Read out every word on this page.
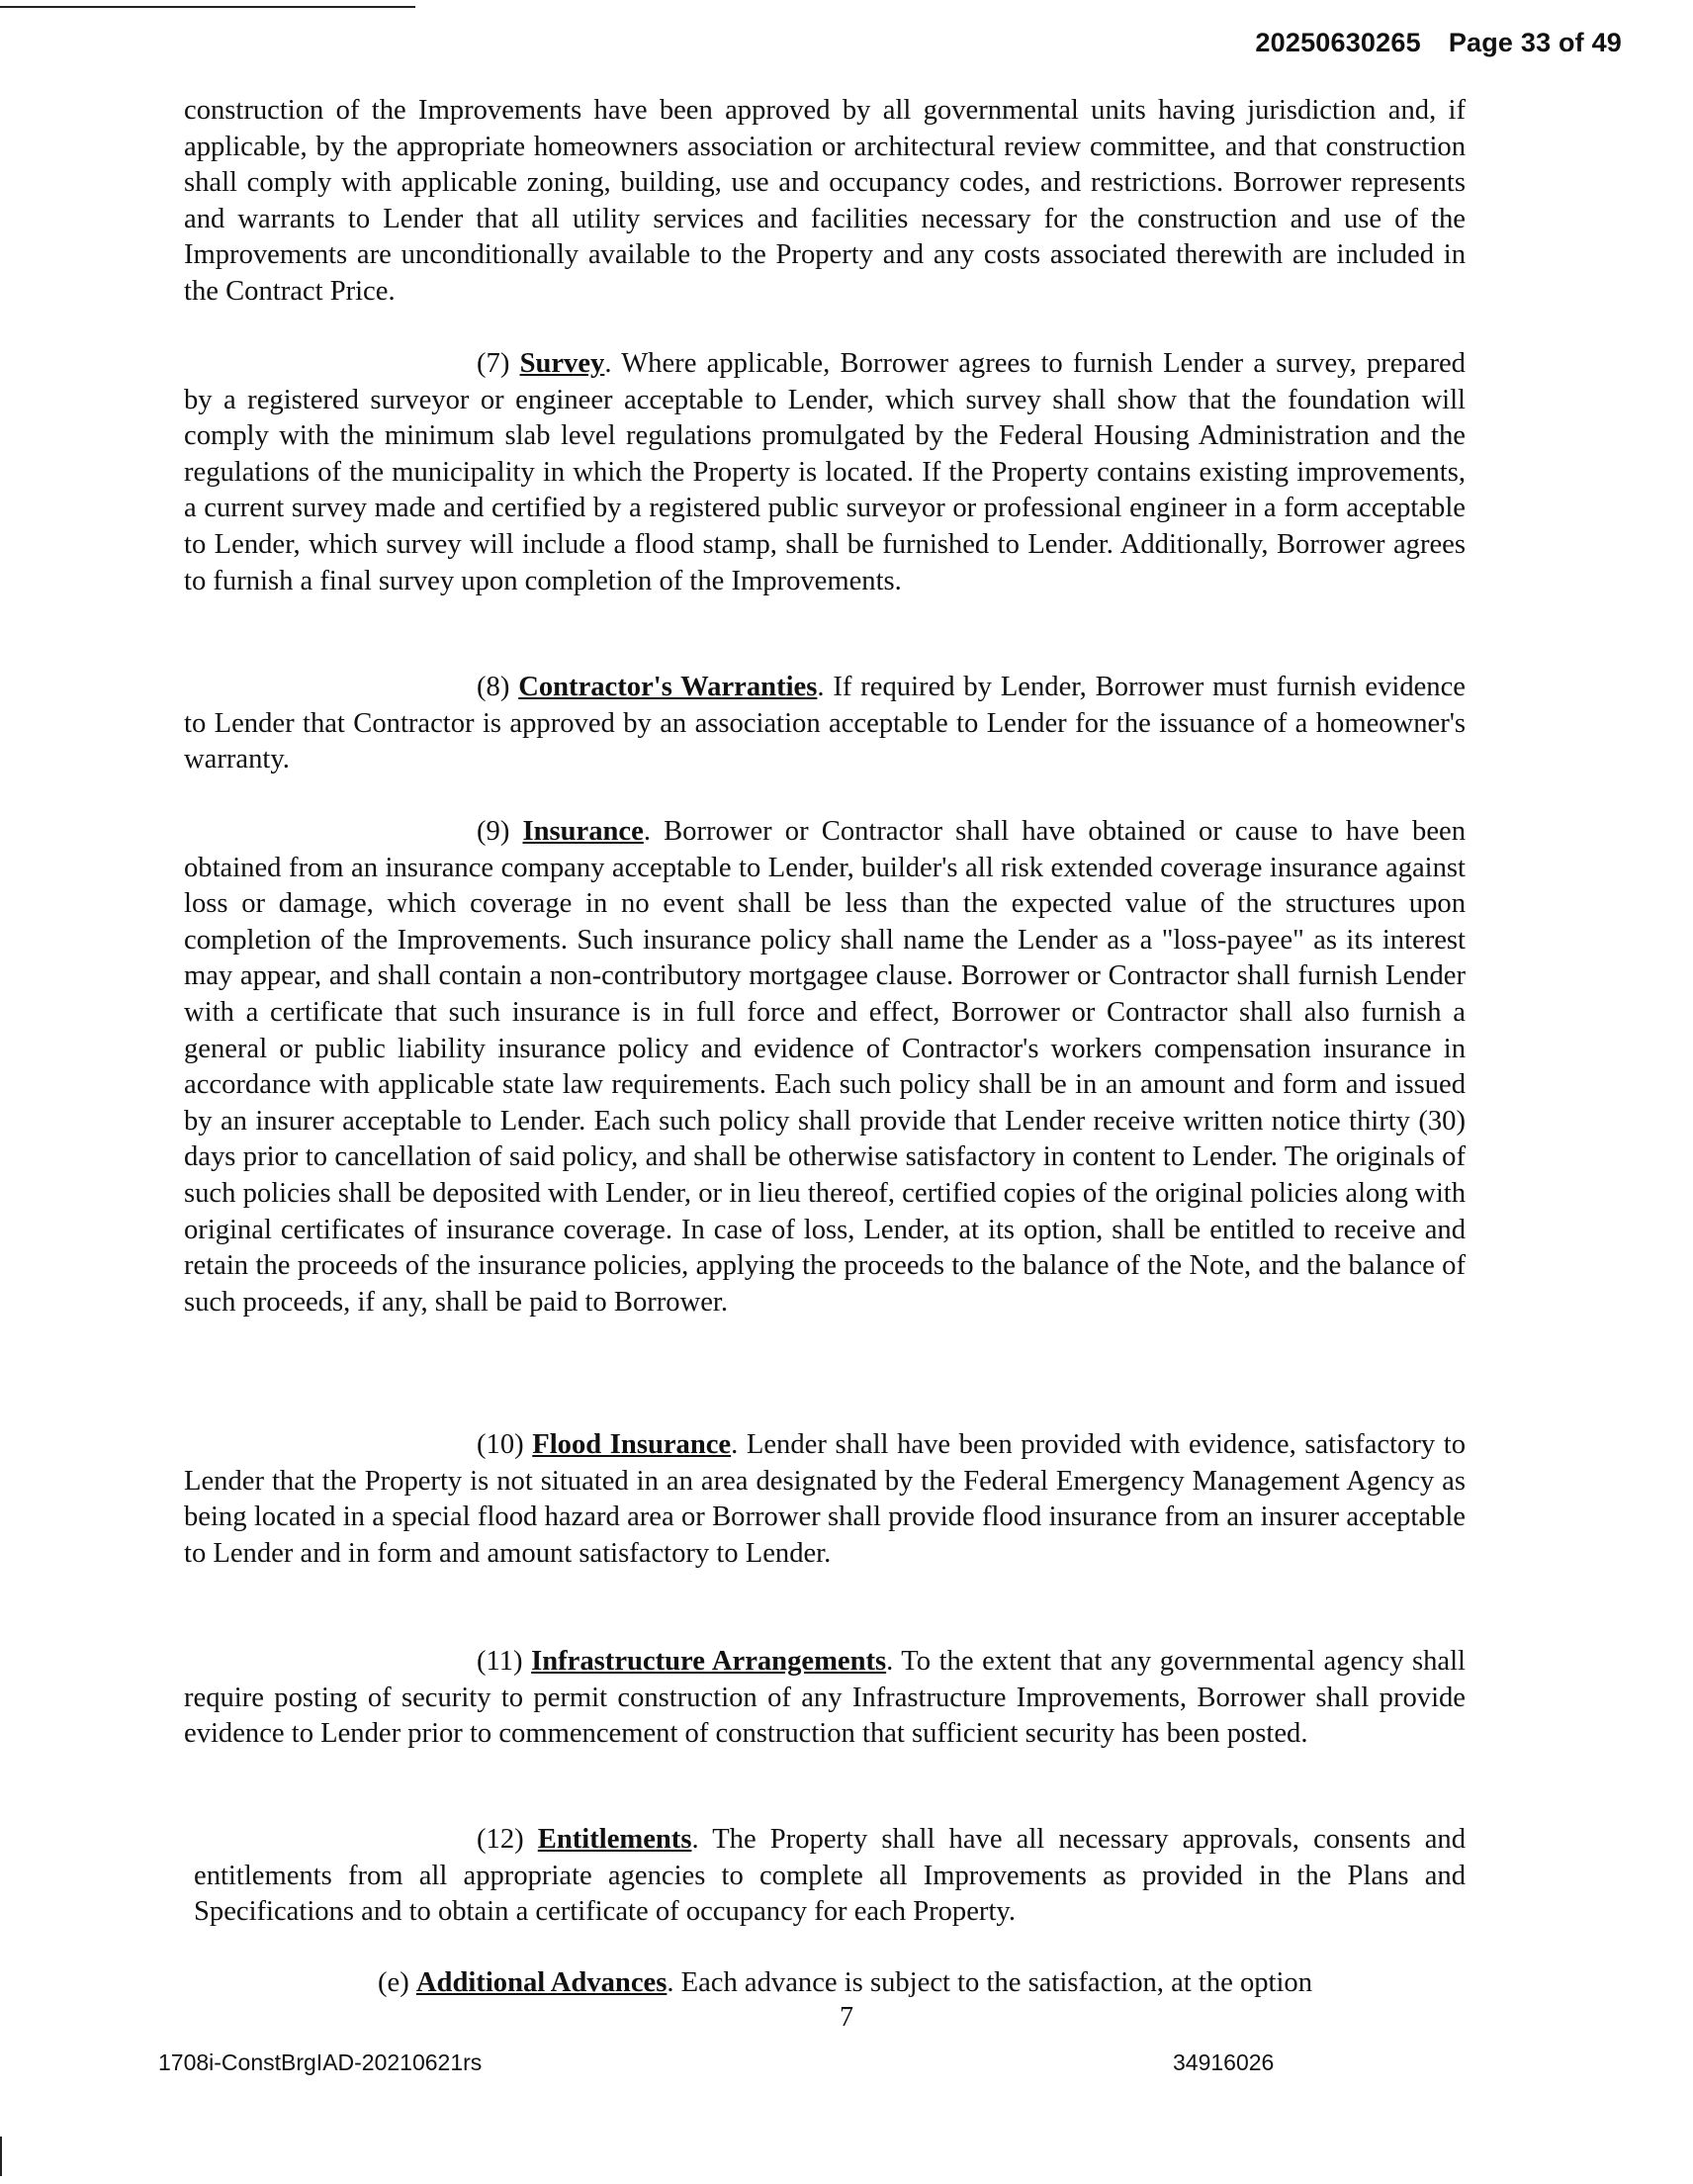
20250630265 Page 33 of 49

construction of the Improvements have been approved by all governmental units having jurisdiction and, if applicable, by the appropriate homeowners association or architectural review committee, and that construction shall comply with applicable zoning, building, use and occupancy codes, and restrictions. Borrower represents and warrants to Lender that all utility services and facilities necessary for the construction and use of the Improvements are unconditionally available to the Property and any costs associated therewith are included in the Contract Price.

(7) Survey. Where applicable, Borrower agrees to furnish Lender a survey, prepared by a registered surveyor or engineer acceptable to Lender, which survey shall show that the foundation will comply with the minimum slab level regulations promulgated by the Federal Housing Administration and the regulations of the municipality in which the Property is located. If the Property contains existing improvements, a current survey made and certified by a registered public surveyor or professional engineer in a form acceptable to Lender, which survey will include a flood stamp, shall be furnished to Lender. Additionally, Borrower agrees to furnish a final survey upon completion of the Improvements.

(8) Contractor's Warranties. If required by Lender, Borrower must furnish evidence to Lender that Contractor is approved by an association acceptable to Lender for the issuance of a homeowner's warranty.

(9) Insurance. Borrower or Contractor shall have obtained or cause to have been obtained from an insurance company acceptable to Lender, builder's all risk extended coverage insurance against loss or damage, which coverage in no event shall be less than the expected value of the structures upon completion of the Improvements. Such insurance policy shall name the Lender as a "loss-payee" as its interest may appear, and shall contain a non-contributory mortgagee clause. Borrower or Contractor shall furnish Lender with a certificate that such insurance is in full force and effect, Borrower or Contractor shall also furnish a general or public liability insurance policy and evidence of Contractor's workers compensation insurance in accordance with applicable state law requirements. Each such policy shall be in an amount and form and issued by an insurer acceptable to Lender. Each such policy shall provide that Lender receive written notice thirty (30) days prior to cancellation of said policy, and shall be otherwise satisfactory in content to Lender. The originals of such policies shall be deposited with Lender, or in lieu thereof, certified copies of the original policies along with original certificates of insurance coverage. In case of loss, Lender, at its option, shall be entitled to receive and retain the proceeds of the insurance policies, applying the proceeds to the balance of the Note, and the balance of such proceeds, if any, shall be paid to Borrower.

(10) Flood Insurance. Lender shall have been provided with evidence, satisfactory to Lender that the Property is not situated in an area designated by the Federal Emergency Management Agency as being located in a special flood hazard area or Borrower shall provide flood insurance from an insurer acceptable to Lender and in form and amount satisfactory to Lender.

(11) Infrastructure Arrangements. To the extent that any governmental agency shall require posting of security to permit construction of any Infrastructure Improvements, Borrower shall provide evidence to Lender prior to commencement of construction that sufficient security has been posted.

(12) Entitlements. The Property shall have all necessary approvals, consents and entitlements from all appropriate agencies to complete all Improvements as provided in the Plans and Specifications and to obtain a certificate of occupancy for each Property.

(e) Additional Advances. Each advance is subject to the satisfaction, at the option

7
1708i-ConstBrgIAD-20210621rs	34916026
